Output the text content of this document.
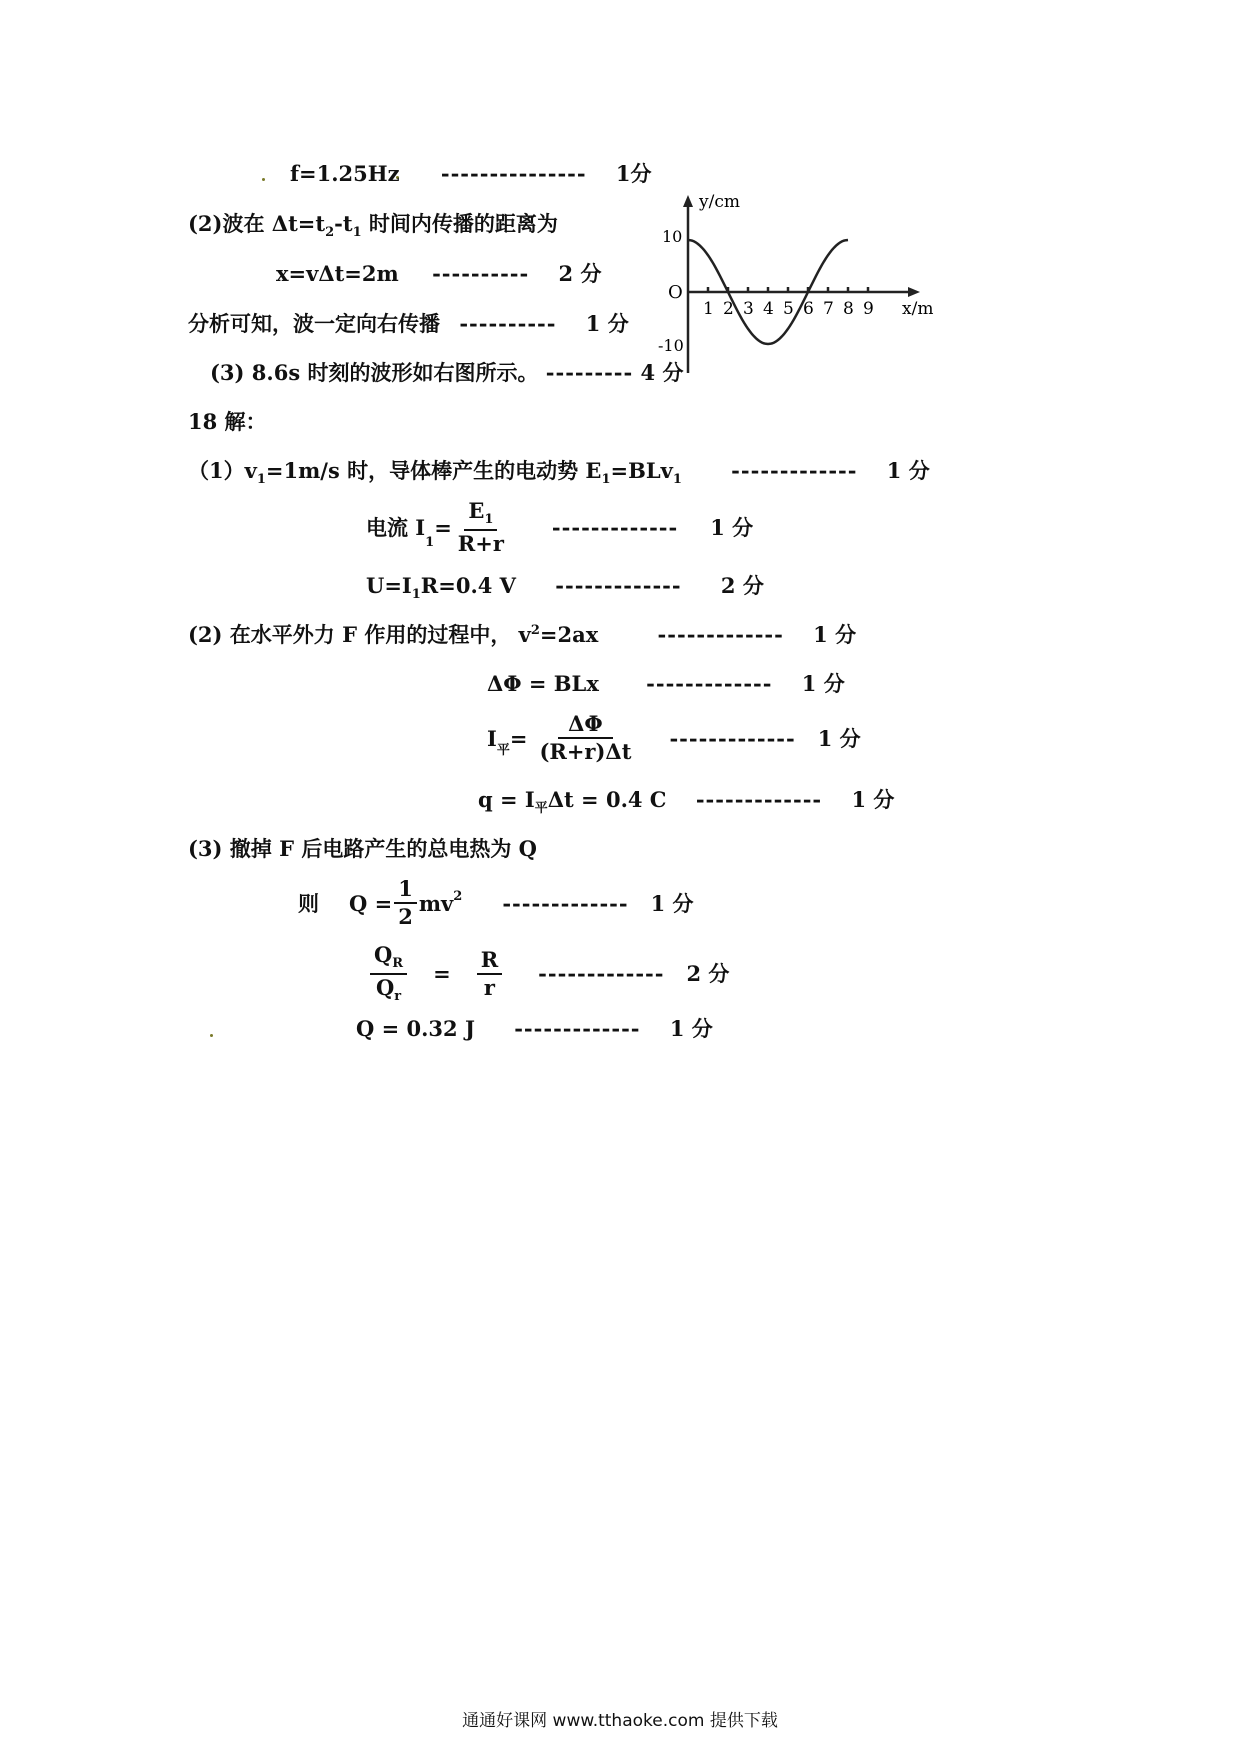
f=1.25Hz --------------- 1分
(2)波在 $\Delta t=t_2-t_1$ 时间内传播的距离为
x=vΔt=2m ---------- 2 分
分析可知，波一定向右传播 ---------- 1 分
(3) 8.6s 时刻的波形如右图所示。 --------- 4 分
y/cm
x/m
O
10
-10
1 2 3 4 5 6 7 8 9
18 解：
$(1)v_1=1m/s$ 时，导体棒产生的电动势 $E_1=BLv_1$ ------------- 1 分
电流 I
$_1$
= $\frac{E_1}{R+r}$ ------------- 1 分
$U=I_1R=0.4$ V ------------- 2 分
(2) 在水平外力 F 作用的过程中， $v^2=2ax$	------------- 1 分
ΔΦ = BLx ------------- 1 分
I
$_平$
= $\frac{\Delta\Phi}{(R+r)\Delta t}$ ------------- 1 分
$q = I_平\Delta t = 0.4$ C ------------- 1 分
(3) 撤掉 F 后电路产生的总电热为 Q
则 $Q = \frac{1}{2} mv^2$ ------------- 1 分
$\frac{Q_R}{Q_r} = \frac{R}{r}$ ------------- 2 分
Q = 0.32 J ------------- 1 分
通通好课网 www.tthaoke.com 提供下载
